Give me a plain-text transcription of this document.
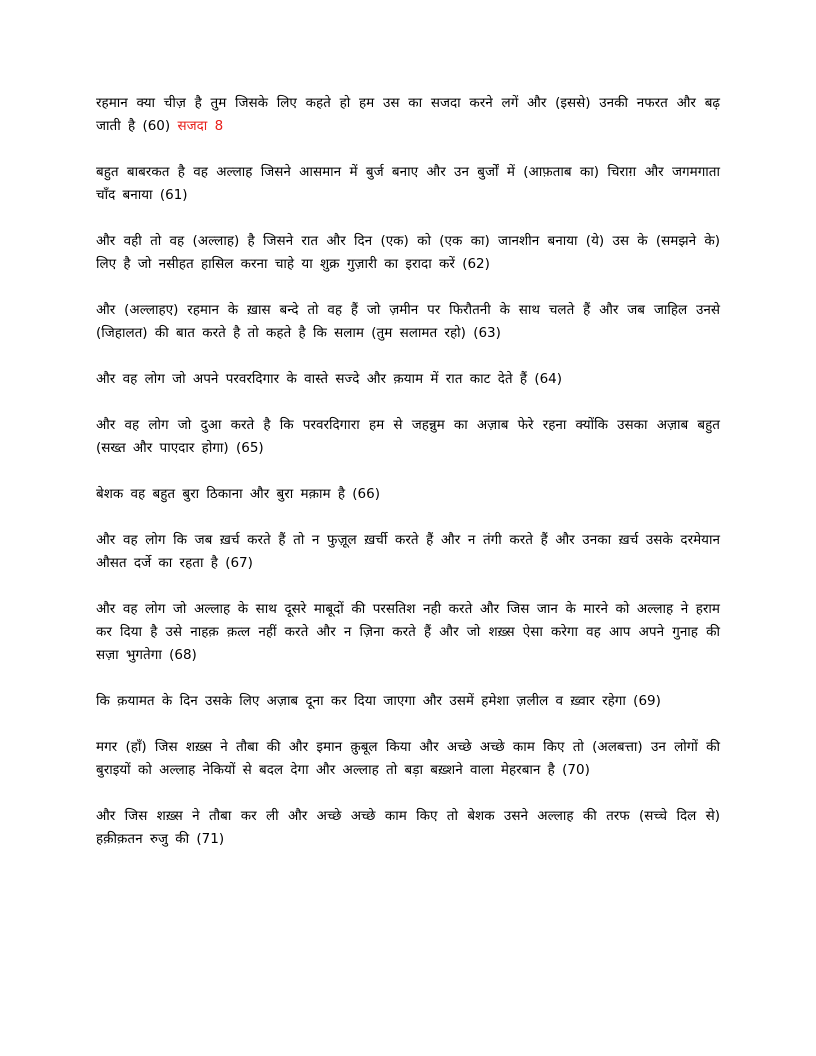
रहमान क्या चीज़ है तुम जिसके लिए कहते हो हम उस का सजदा करने लगें और (इससे) उनकी नफरत और बढ़ जाती है (60) सजदा 8

बहुत बाबरकत है वह अल्लाह जिसने आसमान में बुर्ज बनाए और उन बुर्जों में (आफ़ताब का) चिराग़ और जगमगाता चाँद बनाया (61)

और वही तो वह (अल्लाह) है जिसने रात और दिन (एक) को (एक का) जानशीन बनाया (ये) उस के (समझने के) लिए है जो नसीहत हासिल करना चाहे या शुक्र गुज़ारी का इरादा करें (62)

और (अल्लाहए) रहमान के ख़ास बन्दे तो वह हैं जो ज़मीन पर फिरौतनी के साथ चलते हैं और जब जाहिल उनसे (जिहालत) की बात करते है तो कहते है कि सलाम (तुम सलामत रहो) (63)

और वह लोग जो अपने परवरदिगार के वास्ते सज्दे और क़याम में रात काट देते हैं (64)

और वह लोग जो दुआ करते है कि परवरदिगारा हम से जहन्नुम का अज़ाब फेरे रहना क्योंकि उसका अज़ाब बहुत (सख्त और पाएदार होगा) (65)

बेशक वह बहुत बुरा ठिकाना और बुरा मक़ाम है (66)

और वह लोग कि जब ख़र्च करते हैं तो न फुज़ूल ख़र्ची करते हैं और न तंगी करते हैं और उनका ख़र्च उसके दरमेयान औसत दर्जे का रहता है (67)

और वह लोग जो अल्लाह के साथ दूसरे माबूदों की परसतिश नही करते और जिस जान के मारने को अल्लाह ने हराम कर दिया है उसे नाहक़ क़त्ल नहीं करते और न ज़िना करते हैं और जो शख़्स ऐसा करेगा वह आप अपने गुनाह की सज़ा भुगतेगा (68)

कि क़यामत के दिन उसके लिए अज़ाब दूना कर दिया जाएगा और उसमें हमेशा ज़लील व ख़्वार रहेगा (69)

मगर (हाँ) जिस शख़्स ने तौबा की और इमान क़ुबूल किया और अच्छे अच्छे काम किए तो (अलबत्ता) उन लोगों की बुराइयों को अल्लाह नेकियों से बदल देगा और अल्लाह तो बड़ा बख़्शने वाला मेहरबान है (70)

और जिस शख़्स ने तौबा कर ली और अच्छे अच्छे काम किए तो बेशक उसने अल्लाह की तरफ (सच्चे दिल से) हक़ीक़तन रुजु की (71)
